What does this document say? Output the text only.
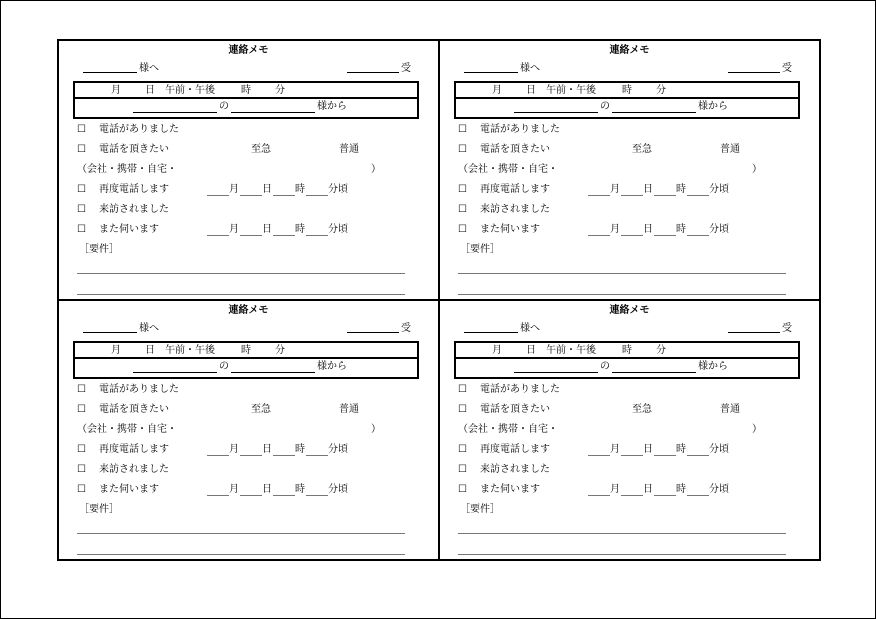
連絡メモ
様へ	受
月 日 午前・午後	時 分
の	様から
☐ 電話がありました
☐ 電話を頂きたい	至急	普通
（会社・携帯・自宅・	）
☐ 再度電話します	月 日 時 分頃
☐ 来訪されました
☐ また伺います	月 日 時 分頃
［要件］
連絡メモ
様へ	受
月 日 午前・午後	時 分
の	様から
☐ 電話がありました
☐ 電話を頂きたい	至急	普通
（会社・携帯・自宅・	）
☐ 再度電話します	月 日 時 分頃
☐ 来訪されました
☐ また伺います	月 日 時 分頃
［要件］
連絡メモ
様へ	受
月 日 午前・午後	時 分
の	様から
☐ 電話がありました
☐ 電話を頂きたい	至急	普通
（会社・携帯・自宅・	）
☐ 再度電話します	月 日 時 分頃
☐ 来訪されました
☐ また伺います	月 日 時 分頃
［要件］
連絡メモ
様へ	受
月 日 午前・午後	時 分
の	様から
☐ 電話がありました
☐ 電話を頂きたい	至急	普通
（会社・携帯・自宅・	）
☐ 再度電話します	月 日 時 分頃
☐ 来訪されました
☐ また伺います	月 日 時 分頃
［要件］
